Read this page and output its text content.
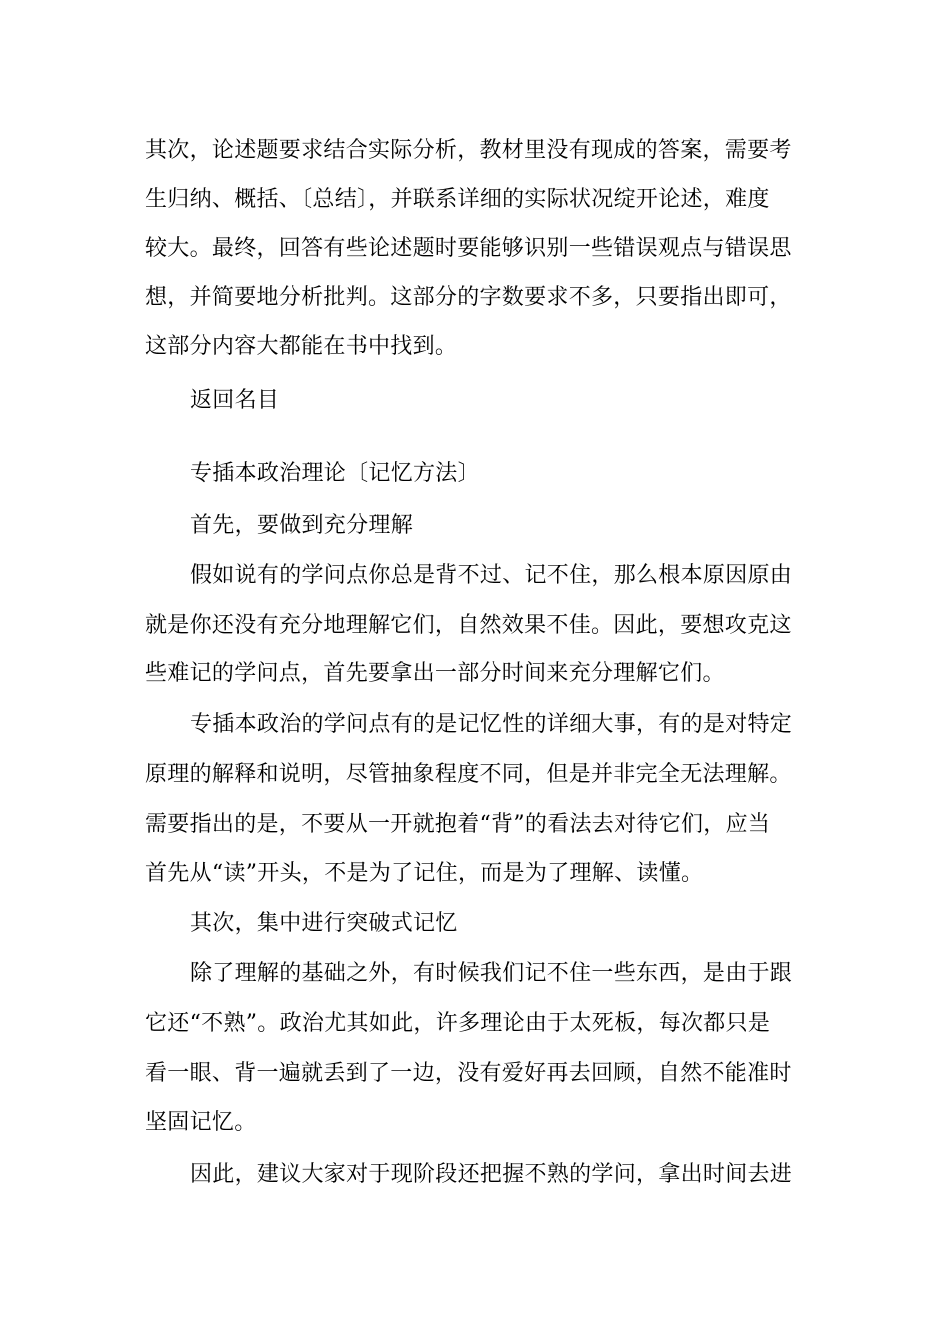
其次，论述题要求结合实际分析，教材里没有现成的答案，需要考
生归纳、概括、〔总结〕，并联系详细的实际状况绽开论述，难度
较大。最终，回答有些论述题时要能够识别一些错误观点与错误思
想，并简要地分析批判。这部分的字数要求不多，只要指出即可，
这部分内容大都能在书中找到。
返回名目
专插本政治理论〔记忆方法〕
首先，要做到充分理解
假如说有的学问点你总是背不过、记不住，那么根本原因原由
就是你还没有充分地理解它们，自然效果不佳。因此，要想攻克这
些难记的学问点，首先要拿出一部分时间来充分理解它们。
专插本政治的学问点有的是记忆性的详细大事，有的是对特定
原理的解释和说明，尽管抽象程度不同，但是并非完全无法理解。
需要指出的是，不要从一开就抱着“背”的看法去对待它们，应当
首先从“读”开头，不是为了记住，而是为了理解、读懂。
其次，集中进行突破式记忆
除了理解的基础之外，有时候我们记不住一些东西，是由于跟
它还“不熟”。政治尤其如此，许多理论由于太死板，每次都只是
看一眼、背一遍就丢到了一边，没有爱好再去回顾，自然不能准时
坚固记忆。
因此，建议大家对于现阶段还把握不熟的学问，拿出时间去进
